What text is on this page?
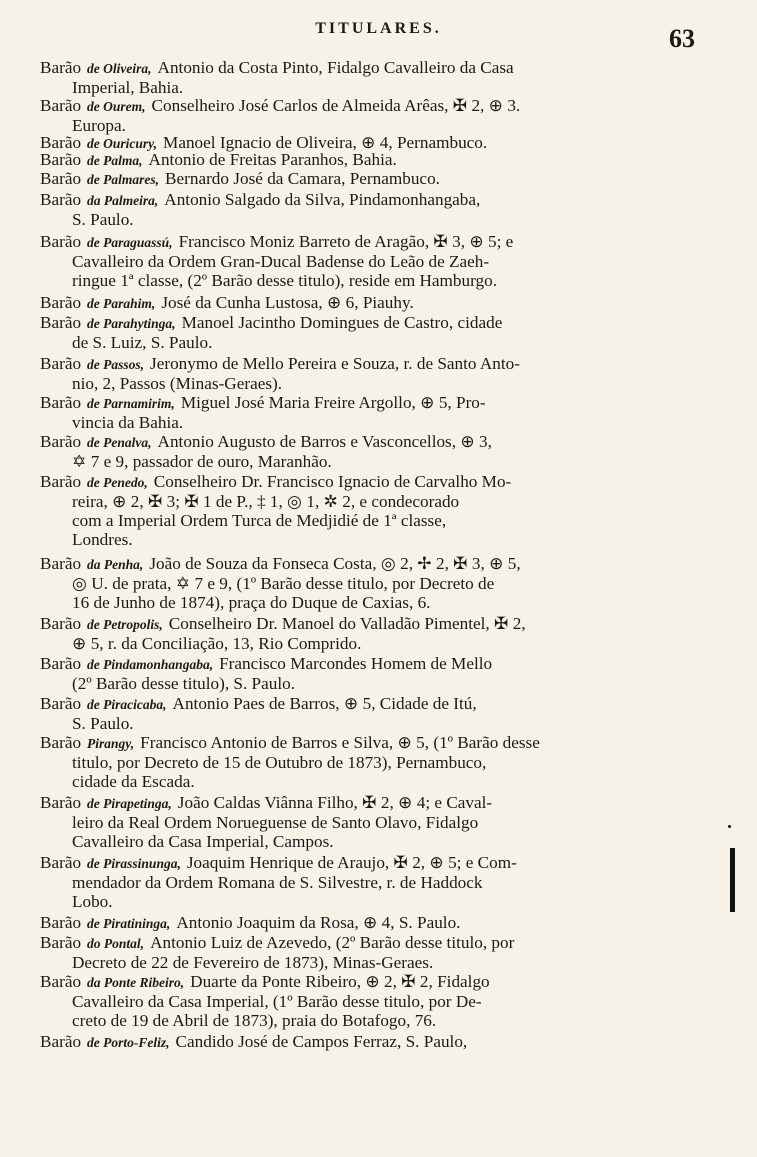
TITULARES.	63
Barão de Oliveira, Antonio da Costa Pinto, Fidalgo Cavalleiro da Casa
Imperial, Bahia.
Barão de Ourem, Conselheiro José Carlos de Almeida Arêas, ✠ 2, ⊕ 3.
Europa.
Barão de Ouricury, Manoel Ignacio de Oliveira, ⊕ 4, Pernambuco.
Barão de Palma, Antonio de Freitas Paranhos, Bahia.
Barão de Palmares, Bernardo José da Camara, Pernambuco.
Barão da Palmeira, Antonio Salgado da Silva, Pindamonhangaba,
S. Paulo.
Barão de Paraguassú, Francisco Moniz Barreto de Aragão, ✠ 3, ⊕ 5; e
Cavalleiro da Ordem Gran-Ducal Badense do Leão de Zaeh-
ringue 1ª classe, (2º Barão desse titulo), reside em Hamburgo.
Barão de Parahim, José da Cunha Lustosa, ⊕ 6, Piauhy.
Barão de Parahytinga, Manoel Jacintho Domingues de Castro, cidade
de S. Luiz, S. Paulo.
Barão de Passos, Jeronymo de Mello Pereira e Souza, r. de Santo Anto-
nio, 2, Passos (Minas-Geraes).
Barão de Parnamirim, Miguel José Maria Freire Argollo, ⊕ 5, Pro-
vincia da Bahia.
Barão de Penalva, Antonio Augusto de Barros e Vasconcellos, ⊕ 3,
✡ 7 e 9, passador de ouro, Maranhão.
Barão de Penedo, Conselheiro Dr. Francisco Ignacio de Carvalho Mo-
reira, ⊕ 2, ✠ 3; ✠ 1 de P., ‡ 1, ◎ 1, ✲ 2, e condecorado
com a Imperial Ordem Turca de Medjidié de 1ª classe,
Londres.
Barão da Penha, João de Souza da Fonseca Costa, ◎ 2, ✢ 2, ✠ 3, ⊕ 5,
◎ U. de prata, ✡ 7 e 9, (1º Barão desse titulo, por Decreto de
16 de Junho de 1874), praça do Duque de Caxias, 6.
Barão de Petropolis, Conselheiro Dr. Manoel do Valladão Pimentel, ✠ 2,
⊕ 5, r. da Conciliação, 13, Rio Comprido.
Barão de Pindamonhangaba, Francisco Marcondes Homem de Mello
(2º Barão desse titulo), S. Paulo.
Barão de Piracicaba, Antonio Paes de Barros, ⊕ 5, Cidade de Itú,
S. Paulo.
Barão Pirangy, Francisco Antonio de Barros e Silva, ⊕ 5, (1º Barão desse
titulo, por Decreto de 15 de Outubro de 1873), Pernambuco,
cidade da Escada.
Barão de Pirapetinga, João Caldas Viânna Filho, ✠ 2, ⊕ 4; e Caval-
leiro da Real Ordem Norueguense de Santo Olavo, Fidalgo
Cavalleiro da Casa Imperial, Campos.
Barão de Pirassinunga, Joaquim Henrique de Araujo, ✠ 2, ⊕ 5; e Com-
mendador da Ordem Romana de S. Silvestre, r. de Haddock
Lobo.
Barão de Piratininga, Antonio Joaquim da Rosa, ⊕ 4, S. Paulo.
Barão do Pontal, Antonio Luiz de Azevedo, (2º Barão desse titulo, por
Decreto de 22 de Fevereiro de 1873), Minas-Geraes.
Barão da Ponte Ribeiro, Duarte da Ponte Ribeiro, ⊕ 2, ✠ 2, Fidalgo
Cavalleiro da Casa Imperial, (1º Barão desse titulo, por De-
creto de 19 de Abril de 1873), praia do Botafogo, 76.
Barão de Porto-Feliz, Candido José de Campos Ferraz, S. Paulo,
